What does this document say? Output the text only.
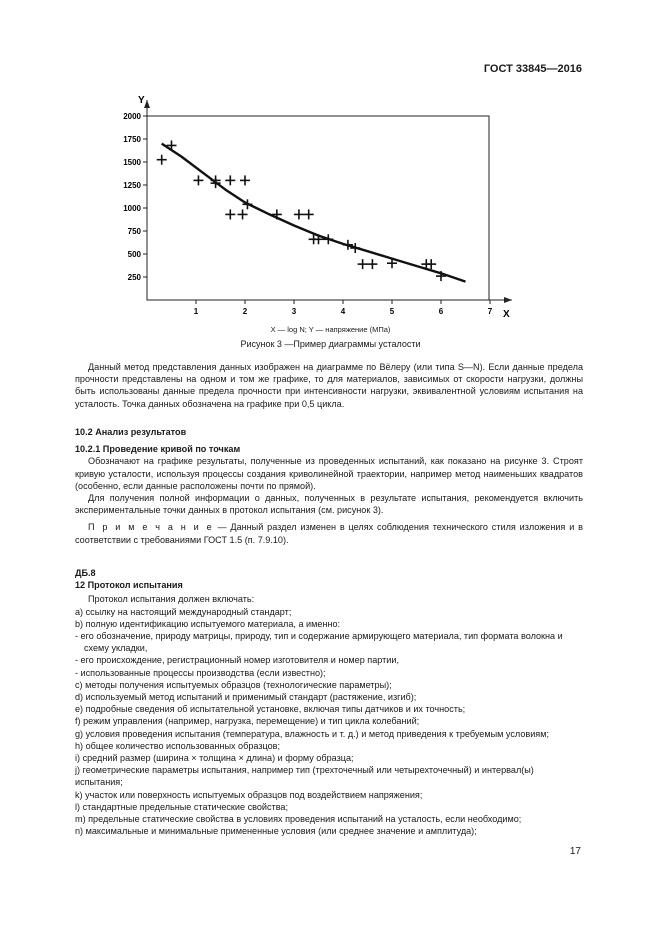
ГОСТ 33845—2016
X
Y
250
500
750
1000
1250
1500
1750
2000
1	2	3	4	5	6	7
X — log N; Y — напряжение (МПа)
Рисунок 3 —Пример диаграммы усталости

Данный метод представления данных изображен на диаграмме по Вёлеру (или типа S—N). Если данные предела прочности представлены на одном и том же графике, то для материалов, зависимых от скорости нагрузки, должны быть использованы данные предела прочности при интенсивности нагрузки, эквивалентной условиям испытания на усталость. Точка данных обозначена на графике при 0,5 цикла.

10.2 Анализ результатов

10.2.1 Проведение кривой по точкам

Обозначают на графике результаты, полученные из проведенных испытаний, как показано на рисунке 3. Строят кривую усталости, используя процессы создания криволинейной траектории, например метод наименьших квадратов (особенно, если данные расположены почти по прямой).

Для получения полной информации о данных, полученных в результате испытания, рекомендуется включить экспериментальные точки данных в протокол испытания (см. рисунок 3).

П р и м е ч а н и е — Данный раздел изменен в целях соблюдения технического стиля изложения и в соответствии с требованиями ГОСТ 1.5 (п. 7.9.10).

ДБ.8

12 Протокол испытания

Протокол испытания должен включать:

a) ссылку на настоящий международный стандарт;

b) полную идентификацию испытуемого материала, а именно:

- его обозначение, природу матрицы, природу, тип и содержание армирующего материала, тип формата волокна и схему укладки,

- его происхождение, регистрационный номер изготовителя и номер партии,

- использованные процессы производства (если известно);

c) методы получения испытуемых образцов (технологические параметры);

d) используемый метод испытаний и применимый стандарт (растяжение, изгиб);

e) подробные сведения об испытательной установке, включая типы датчиков и их точность;

f) режим управления (например, нагрузка, перемещение) и тип цикла колебаний;

g) условия проведения испытания (температура, влажность и т. д.) и метод приведения к требуемым условиям;

h) общее количество использованных образцов;

i) средний размер (ширина × толщина × длина) и форму образца;

j) геометрические параметры испытания, например тип (трехточечный или четырехточечный) и интервал(ы) испытания;

k) участок или поверхность испытуемых образцов под воздействием напряжения;

l) стандартные предельные статические свойства;

m) предельные статические свойства в условиях проведения испытаний на усталость, если необходимо;

n) максимальные и минимальные примененные условия (или среднее значение и амплитуда);

17
